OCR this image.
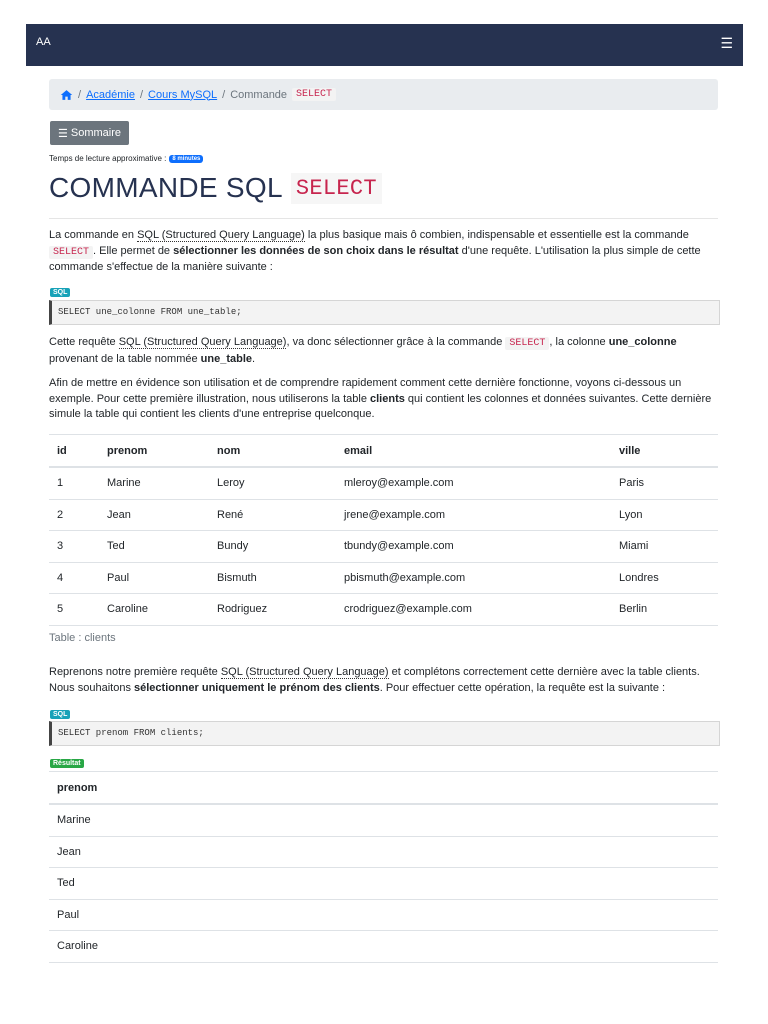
AA	☰
/ Académie / Cours MySQL / Commande SELECT
☰ Sommaire
Temps de lecture approximative :	8 minutes
COMMANDE SQL SELECT
La commande en SQL (Structured Query Language) la plus basique mais ô combien, indispensable et essentielle est la commande SELECT . Elle permet de sélectionner les données de son choix dans le résultat d'une requête. L'utilisation la plus simple de cette commande s'effectue de la manière suivante :
SQL
SELECT une_colonne FROM une_table;
Cette requête SQL (Structured Query Language), va donc sélectionner grâce à la commande SELECT , la colonne une_colonne provenant de la table nommée une_table.
Afin de mettre en évidence son utilisation et de comprendre rapidement comment cette dernière fonctionne, voyons ci-dessous un exemple. Pour cette première illustration, nous utiliserons la table clients qui contient les colonnes et données suivantes. Cette dernière simule la table qui contient les clients d'une entreprise quelconque.
id	prenom	nom	email	ville
1	Marine	Leroy	mleroy@example.com	Paris
2	Jean	René	jrene@example.com	Lyon
3	Ted	Bundy	tbundy@example.com	Miami
4	Paul	Bismuth	pbismuth@example.com	Londres
5	Caroline	Rodriguez	crodriguez@example.com	Berlin
Table : clients
Reprenons notre première requête SQL (Structured Query Language) et complétons correctement cette dernière avec la table clients. Nous souhaitons sélectionner uniquement le prénom des clients. Pour effectuer cette opération, la requête est la suivante :
SQL
SELECT prenom FROM clients;
Résultat
prenom
Marine
Jean
Ted
Paul
Caroline
